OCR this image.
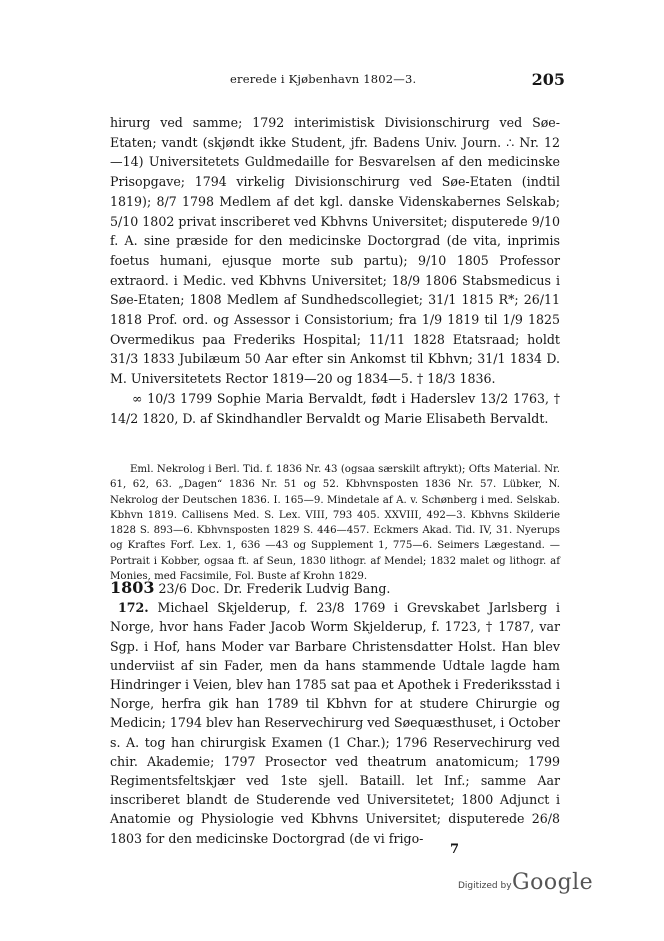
ererede i Kjøbenhavn 1802—3.	205

hirurg ved samme; 1792 interimistisk Divisionschirurg ved Søe-Etaten; vandt (skjøndt ikke Student, jfr. Badens Univ. Journ. ∴ Nr. 12—14) Universitetets Guldmedaille for Besvarelsen af den medicinske Prisopgave; 1794 virkelig Divisionschirurg ved Søe-Etaten (indtil 1819); 8/7 1798 Medlem af det kgl. danske Videnskabernes Selskab; 5/10 1802 privat inscriberet ved Kbhvns Universitet; disputerede 9/10 f. A. sine præside for den medicinske Doctorgrad (de vita, inprimis foetus humani, ejusque morte sub partu); 9/10 1805 Professor extraord. i Medic. ved Kbhvns Universitet; 18/9 1806 Stabsmedicus i Søe-Etaten; 1808 Medlem af Sundhedscollegiet; 31/1 1815 R*; 26/11 1818 Prof. ord. og Assessor i Consistorium; fra 1/9 1819 til 1/9 1825 Overmedikus paa Frederiks Hospital; 11/11 1828 Etatsraad; holdt 31/3 1833 Jubilæum 50 Aar efter sin Ankomst til Kbhvn; 31/1 1834 D. M. Universitetets Rector 1819—20 og 1834—5. † 18/3 1836.

∞ 10/3 1799 Sophie Maria Bervaldt, født i Haderslev 13/2 1763, † 14/2 1820, D. af Skindhandler Bervaldt og Marie Elisabeth Bervaldt.

Eml. Nekrolog i Berl. Tid. f. 1836 Nr. 43 (ogsaa særskilt aftrykt); Ofts Material. Nr. 61, 62, 63. „Dagen“ 1836 Nr. 51 og 52. Kbhvnsposten 1836 Nr. 57. Lübker, N. Nekrolog der Deutschen 1836. I. 165—9. Mindetale af A. v. Schønberg i med. Selskab. Kbhvn 1819. Callisens Med. S. Lex. VIII, 793 405. XXVIII, 492—3. Kbhvns Skilderie 1828 S. 893—6. Kbhvnsposten 1829 S. 446—457. Eckmers Akad. Tid. IV, 31. Nyerups og Kraftes Forf. Lex. 1, 636 —43 og Supplement 1, 775—6. Seimers Lægestand. — Portrait i Kobber, ogsaa ft. af Seun, 1830 lithogr. af Mendel; 1832 malet og lithogr. af Monies, med Facsimile, Fol. Buste af Krohn 1829.

1803 23/6 Doc. Dr. Frederik Ludvig Bang.

172. Michael Skjelderup, f. 23/8 1769 i Grevskabet Jarlsberg i Norge, hvor hans Fader Jacob Worm Skjelderup, f. 1723, † 1787, var Sgp. i Hof, hans Moder var Barbare Christensdatter Holst. Han blev underviist af sin Fader, men da hans stammende Udtale lagde ham Hindringer i Veien, blev han 1785 sat paa et Apothek i Frederiksstad i Norge, herfra gik han 1789 til Kbhvn for at studere Chirurgie og Medicin; 1794 blev han Reservechirurg ved Søequæsthuset, i October s. A. tog han chirurgisk Examen (1 Char.); 1796 Reservechirurg ved chir. Akademie; 1797 Prosector ved theatrum anatomicum; 1799 Regimentsfeltskjær ved 1ste sjell. Bataill. let Inf.; samme Aar inscriberet blandt de Studerende ved Universitetet; 1800 Adjunct i Anatomie og Physiologie ved Kbhvns Universitet; disputerede 26/8 1803 for den medicinske Doctorgrad (de vi frigo-

7
Digitized by Google
